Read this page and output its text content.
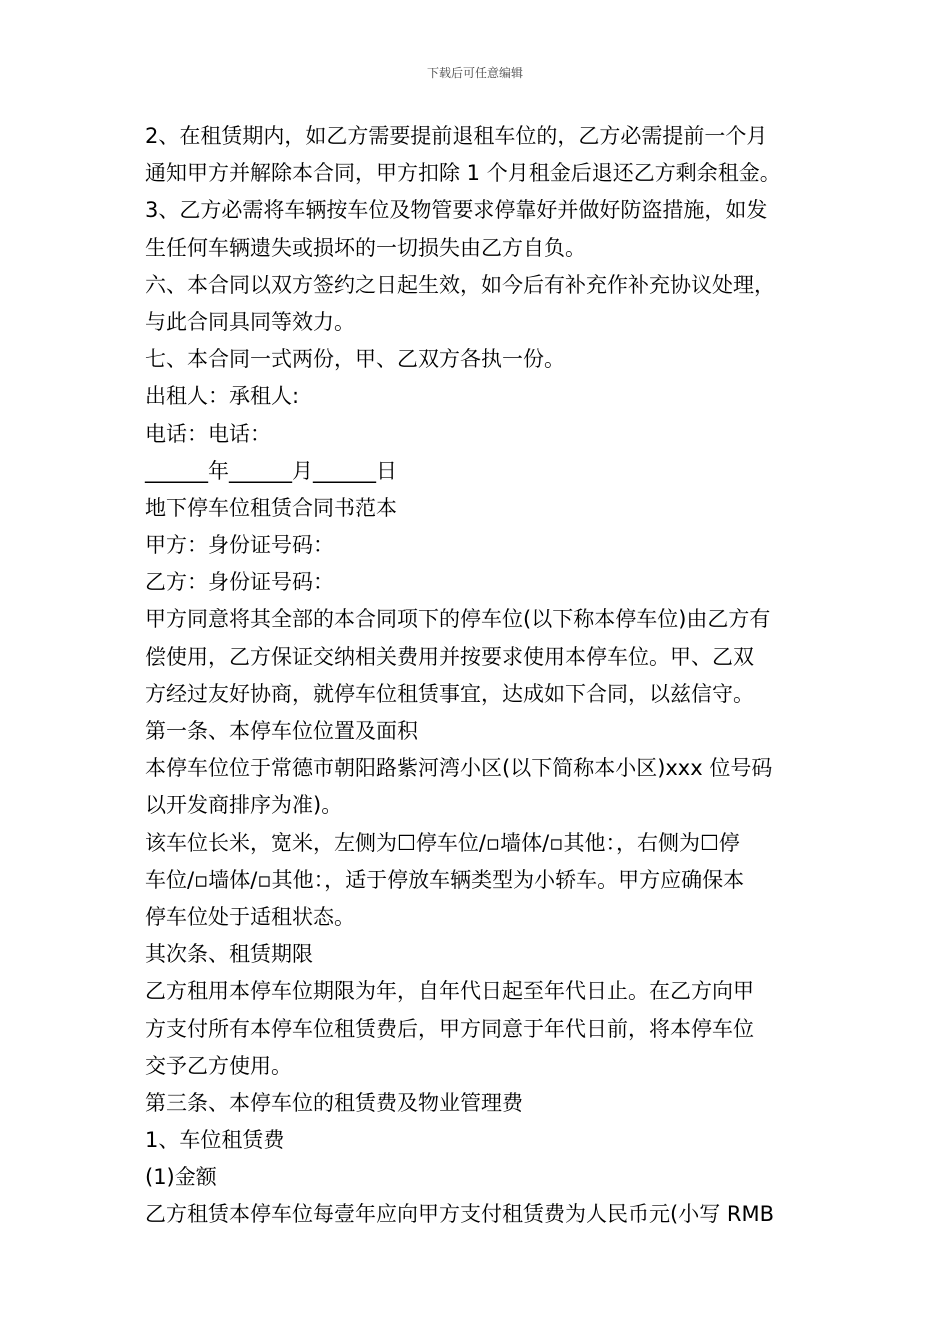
下载后可任意编辑
2、在租赁期内，如乙方需要提前退租车位的，乙方必需提前一个月
通知甲方并解除本合同，甲方扣除 1 个月租金后退还乙方剩余租金。
3、乙方必需将车辆按车位及物管要求停靠好并做好防盗措施，如发
生任何车辆遗失或损坏的一切损失由乙方自负。
六、本合同以双方签约之日起生效，如今后有补充作补充协议处理，
与此合同具同等效力。
七、本合同一式两份，甲、乙双方各执一份。
出租人：承租人:
电话：电话：
______年______月______日
地下停车位租赁合同书范本
甲方：身份证号码：
乙方：身份证号码：
甲方同意将其全部的本合同项下的停车位(以下称本停车位)由乙方有
偿使用，乙方保证交纳相关费用并按要求使用本停车位。甲、乙双
方经过友好协商，就停车位租赁事宜，达成如下合同，以兹信守。
第一条、本停车位位置及面积
本停车位位于常德市朝阳路紫河湾小区(以下简称本小区)xxx 位号码
以开发商排序为准)。
该车位长米，宽米，左侧为☐停车位/▫墙体/▫其他：，右侧为☐停
车位/▫墙体/▫其他：，适于停放车辆类型为小轿车。甲方应确保本
停车位处于适租状态。
其次条、租赁期限
乙方租用本停车位期限为年，自年代日起至年代日止。在乙方向甲
方支付所有本停车位租赁费后，甲方同意于年代日前，将本停车位
交予乙方使用。
第三条、本停车位的租赁费及物业管理费
1、车位租赁费
(1)金额
乙方租赁本停车位每壹年应向甲方支付租赁费为人民币元(小写 RMB
